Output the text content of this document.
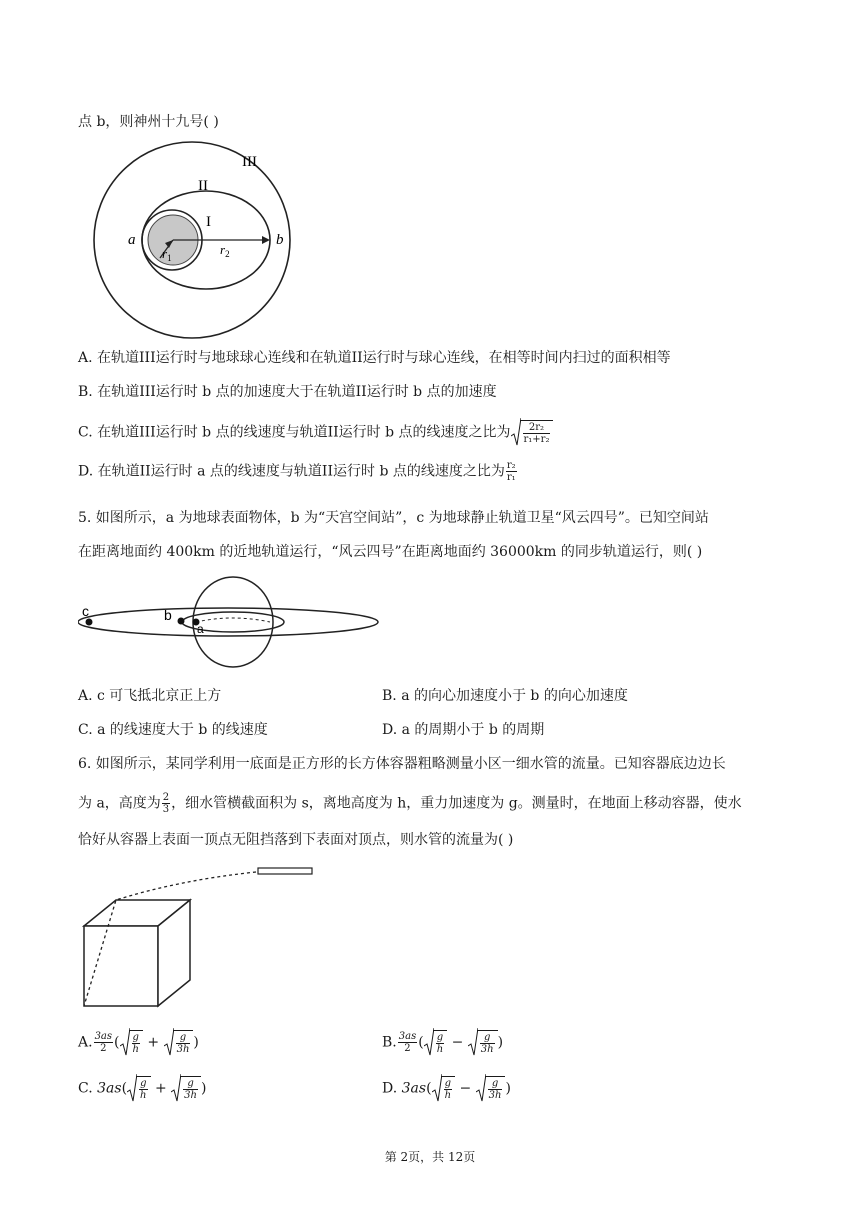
点 b，则神州十九号( )
III
II
I
a	b
$r_1$
$r_2$
A. 在轨道III运行时与地球球心连线和在轨道II运行时与球心连线，在相等时间内扫过的面积相等
B. 在轨道III运行时 b 点的加速度大于在轨道II运行时 b 点的加速度
C. 在轨道III运行时 b 点的线速度与轨道II运行时 b 点的线速度之比为 $\frac{\text{2r₂}}{\text{r₁+r₂}}$
D. 在轨道II运行时 a 点的线速度与轨道II运行时 b 点的线速度之比为 $\frac{\text{r₂}}{\text{r₁}}$
5. 如图所示，a 为地球表面物体，b 为“天宫空间站”，c 为地球静止轨道卫星“风云四号”。已知空间站
在距离地面约 400km 的近地轨道运行，“风云四号”在距离地面约 36000km 的同步轨道运行，则( )
c	b
a
A. c 可飞抵北京正上方	B. a 的向心加速度小于 b 的向心加速度
C. a 的线速度大于 b 的线速度	D. a 的周期小于 b 的周期
6. 如图所示，某同学利用一底面是正方形的长方体容器粗略测量小区一细水管的流量。已知容器底边边长
为 a，高度为 $\frac{2}{3}$ ，细水管横截面积为 s，离地高度为 h，重力加速度为 g。测量时，在地面上移动容器，使水
恰好从容器上表面一顶点无阻挡落到下表面对顶点，则水管的流量为( )
A. $\frac{3as}{2}$ ( $\frac{g}{h} + \frac{g}{3h}$ )	B. $\frac{3as}{2}$ ( $\frac{g}{h} - \frac{g}{3h}$ )
C. $3as( \frac{g}{h} + \frac{g}{3h}$ )	D. $3as( \frac{g}{h} - \frac{g}{3h}$ )
第 2页，共 12页
